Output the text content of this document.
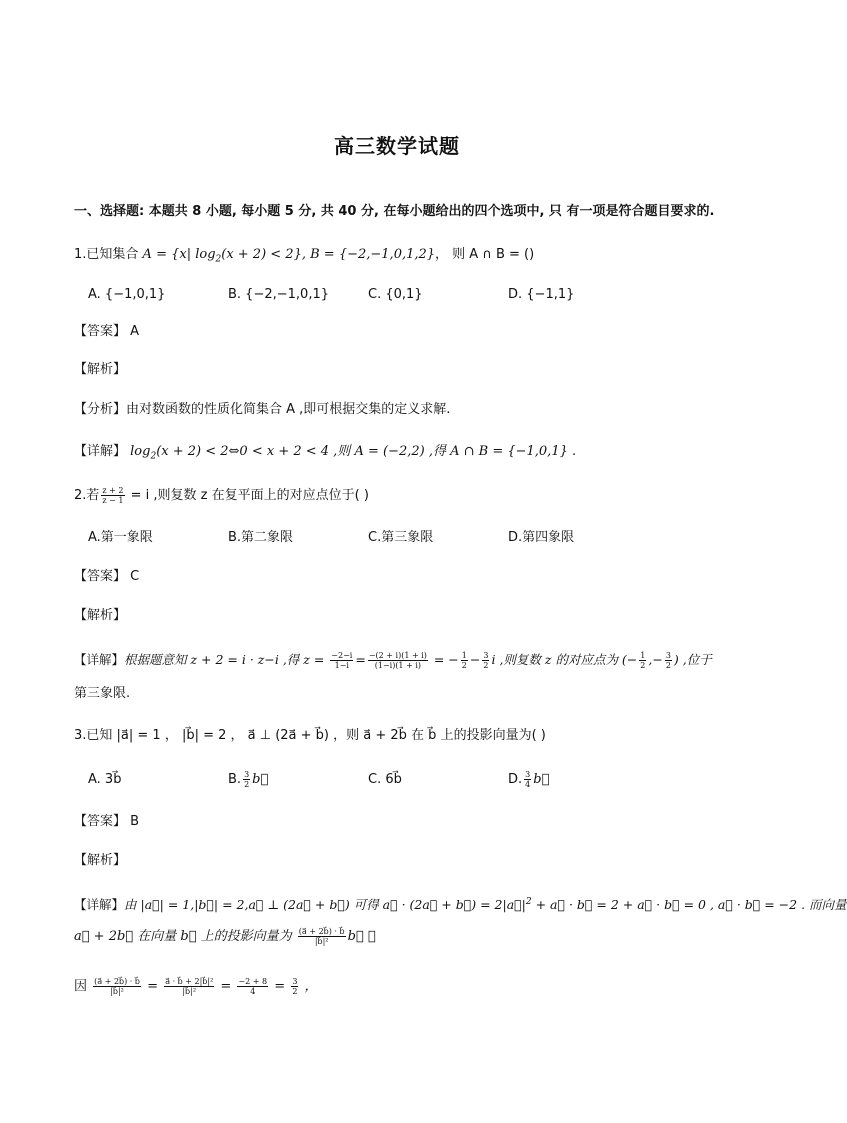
高三数学试题
一、选择题: 本题共 8 小题, 每小题 5 分, 共 40 分, 在每小题给出的四个选项中, 只 有一项是符合题目要求的.
1.已知集合 A = {x| $\log_2(x + 2) < 2$}, B = {−2,−1,0,1,2}， 则 A ∩ B = ()
A. {−1,0,1}	B. {−2,−1,0,1}	C. {0,1}	D. {−1,1}
【答案】 A
【解析】
【分析】由对数函数的性质化简集合 A ,即可根据交集的定义求解.
【详解】 $\log_2(x + 2)$ < 2⇔0 < x + 2 < 4 ,则 A = (−2,2) ,得 A ∩ B = {−1,0,1} .
2.若 $\frac{z + 2}{z - 1} = i$ ,则复数 z 在复平面上的对应点位于( )
A.第一象限	B.第二象限	C.第三象限	D.第四象限
【答案】 C
【解析】
【详解】根据题意知 z + 2 = i · z−i ,得 $z = \frac{-2-i}{1-i} = \frac{-(2 + i)(1 + i)}{(1-i)(1 + i)}$ = − $\frac{1}{2} - \frac{3}{2}$ i ,则复数 z 的对应点为 (− $\frac{1}{2}$ ,− $\frac{3}{2}$ ) ,位于
第三象限.
3.已知 |a⃗| = 1 ， |b⃗| = 2 ， a⃗ ⊥ (2a⃗ + b⃗) ，则 a⃗ + 2b⃗ 在 b⃗ 上的投影向量为( )
A. 3b⃗	B. $\frac{3}{2}$ b⃗	C. 6b⃗	D. $\frac{3}{4}$ b⃗
【答案】 B
【解析】
【详解】由 |a⃗| = 1,|b⃗| = 2,a⃗ ⊥ (2a⃗ + b⃗) 可得 a⃗ · (2a⃗ + b⃗) = $2|a⃗|^2$ + a⃗ · b⃗ = 2 + a⃗ · b⃗ = 0 , a⃗ · b⃗ = −2 . 而向量
a⃗ + 2b⃗ 在向量 b⃗ 上的投影向量为 $\frac{(a⃗ + 2b⃗) \cdot b⃗}{\text{|b⃗|²}}$ b⃗ ，
因 $\frac{(a⃗ + 2b⃗) \cdot b⃗}{\text{|b⃗|²}} = \frac{\text{a⃗ · b⃗ + 2|b⃗|²}}{\text{|b⃗|²}} = \frac{-2 + 8}{4} = \frac{3}{2}$ ，
